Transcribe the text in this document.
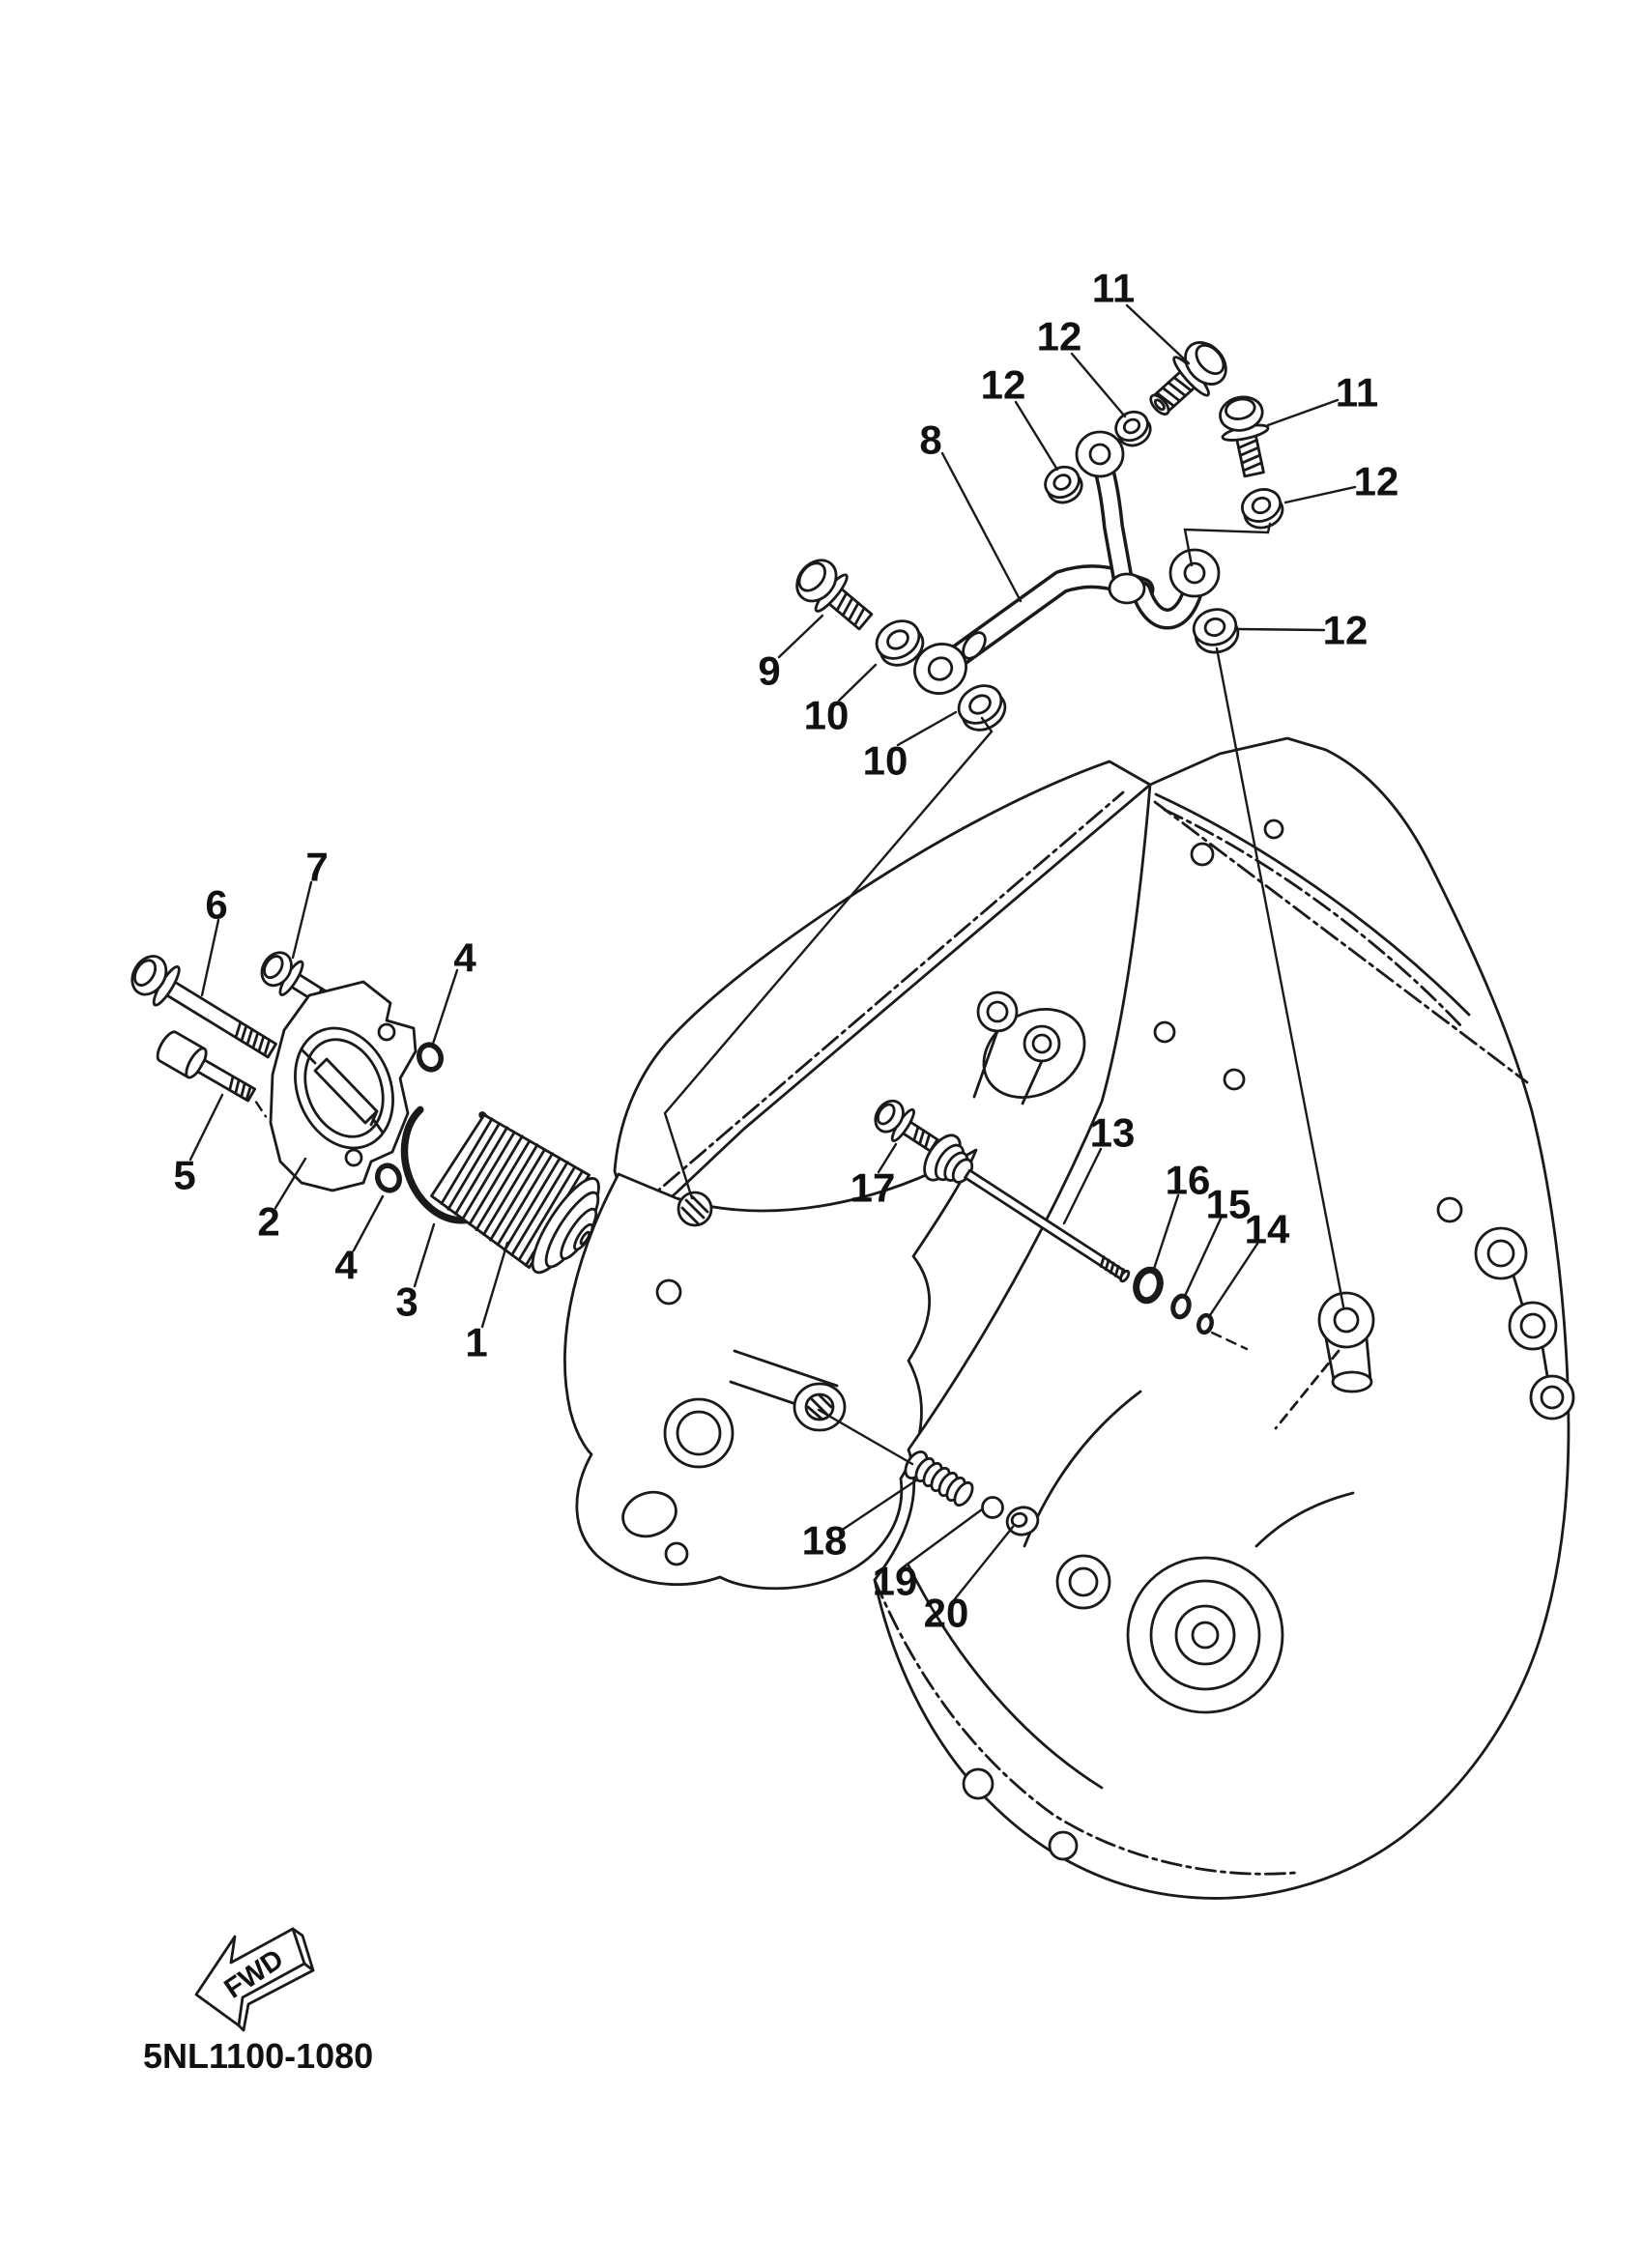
11
12
12	11
12
12
8
9
10
10
7
6
4
5
2
4
3
1
17
13
16
15
14
18
19
20
FWD
5NL1100-1080
